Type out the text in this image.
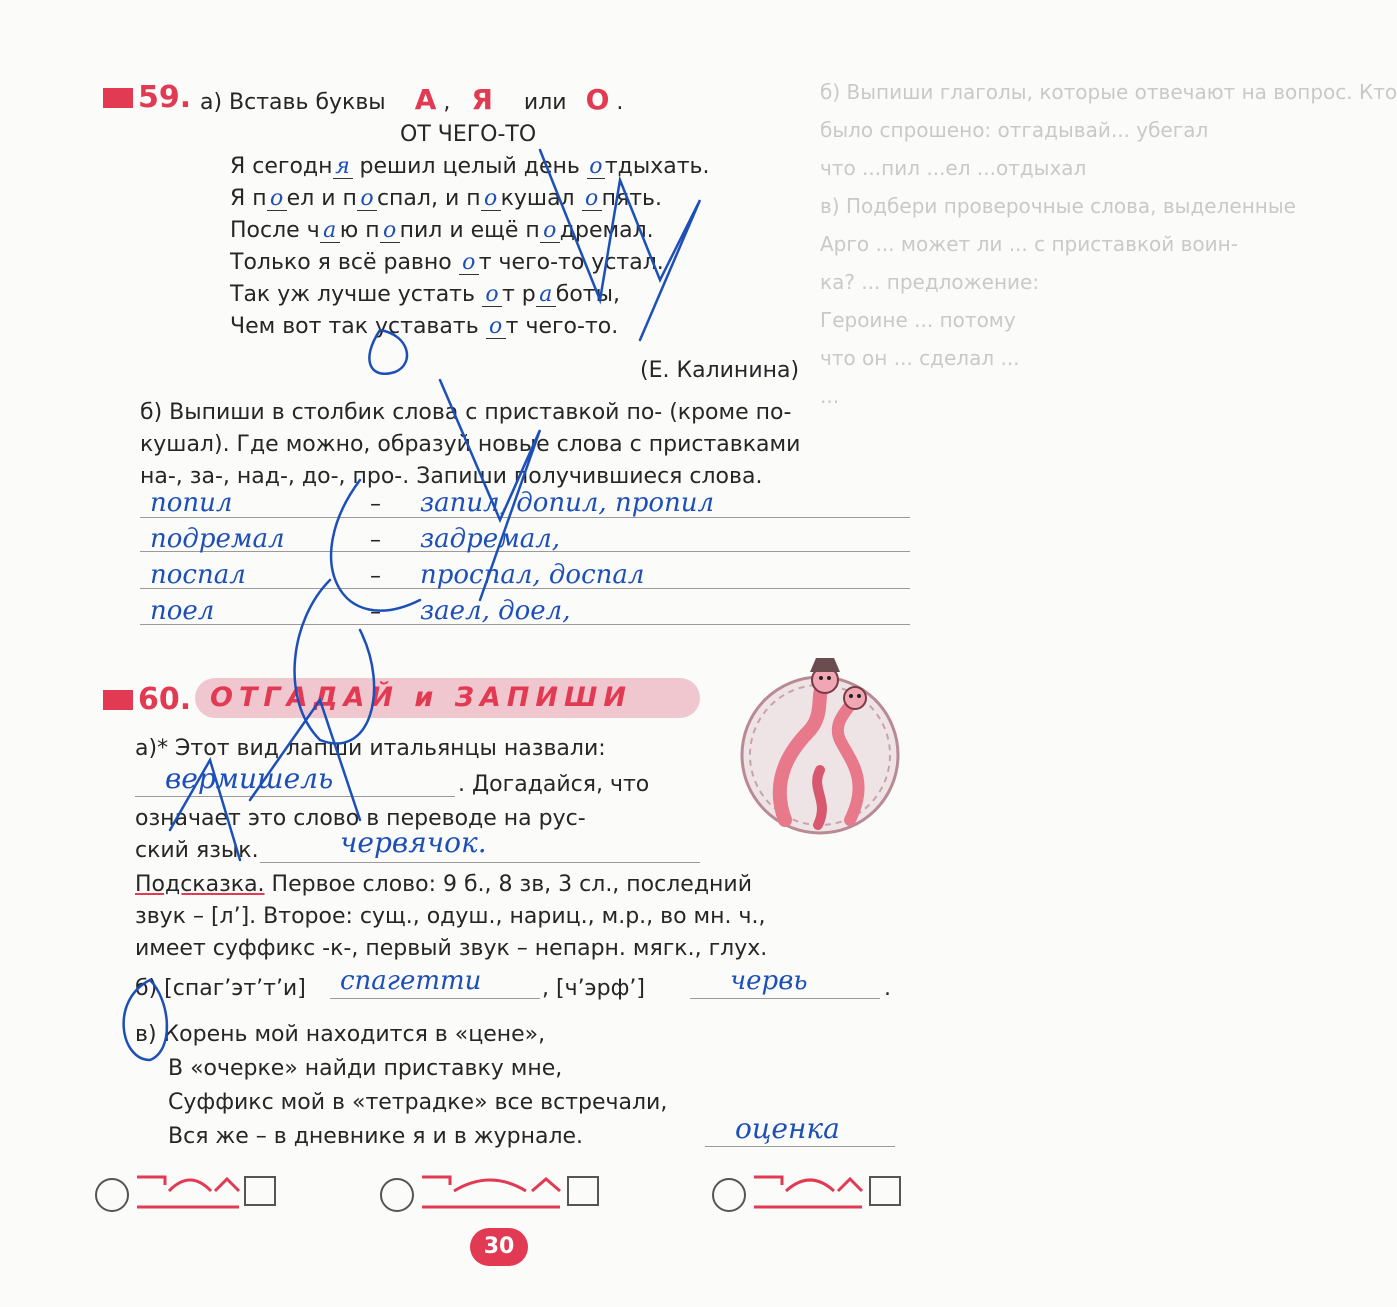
б) Выпиши глаголы, которые отвечают на вопрос. Кто
было спрошено: отгадывай... убегал
что ...пил ...ел ...отдыхал
в) Подбери проверочные слова, выделенные
Арго ... может ли ... с приставкой воин-
ка? ... предложение:
Героине ... потому
что он ... сделал ...
...
59. а) Вставь буквы А , Я или О .
ОТ ЧЕГО-ТО
Я сегодн я решил целый день о тдыхать.
Я п о ел и п о спал, и п о кушал о пять.
После ч а ю п о пил и ещё п о дремал.
Только я всё равно о т чего-то устал.
Так уж лучше устать о т р а боты,
Чем вот так уставать о т чего-то.
(Е. Калинина)
б) Выпиши в столбик слова с приставкой по- (кроме по-
кушал). Где можно, образуй новые слова с приставками
на-, за-, над-, до-, про-. Запиши получившиеся слова.
попил	– запил, допил, пропил
подремал	– задремал,
поспал	– проспал, доспал
поел	– заел, доел,
60. ОТГАДАЙ и ЗАПИШИ
а)* Этот вид лапши итальянцы назвали:
вермишель	. Догадайся, что
означает это слово в переводе на рус-
ский язык.	червячок.
Подсказка. Первое слово: 9 б., 8 зв, 3 сл., последний
звук – [л’]. Второе: сущ., одуш., нариц., м.р., во мн. ч.,
имеет суффикс -к-, первый звук – непарн. мягк., глух.
б) [спаг’эт’т’и] спагетти	, [ч’эрф’]	червь	.
в) Корень мой находится в «цене»,
В «очерке» найди приставку мне,
Суффикс мой в «тетрадке» все встречали,
Вся же – в дневнике я и в журнале.	оценка
30
